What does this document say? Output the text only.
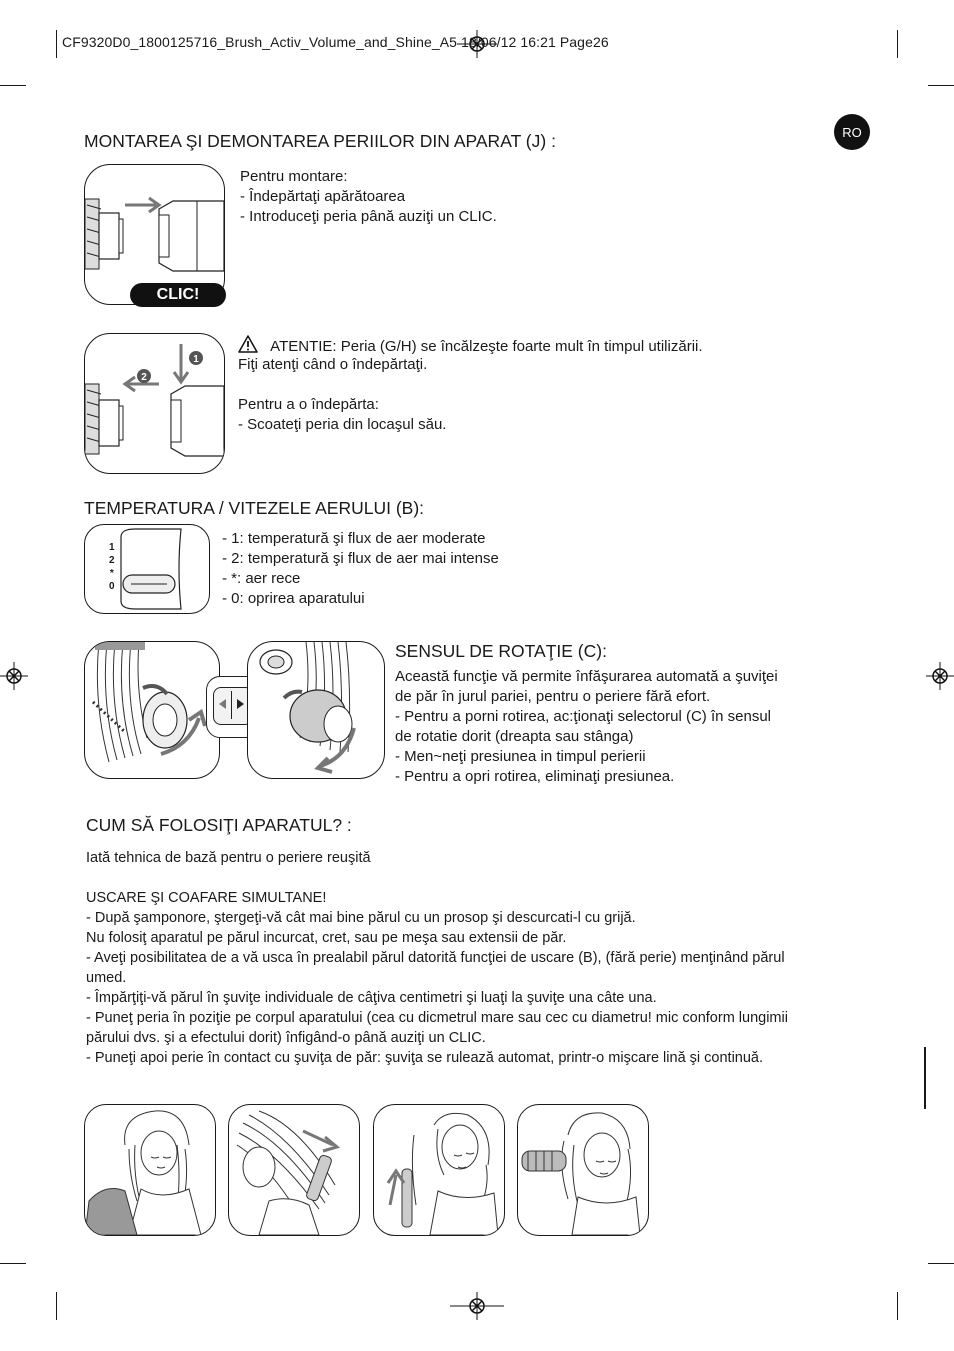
CF9320D0_1800125716_Brush_Activ_Volume_and_Shine_A5 18/06/12 16:21 Page26
RO
MONTAREA ŞI DEMONTAREA PERIILOR DIN APARAT (J) :
CLIC!
Pentru montare:
- Îndepărtaţi apărătoarea
- Introduceţi peria până auziţi un CLIC.
1
2
ATENTIE: Peria (G/H) se încălzeşte foarte mult în timpul utilizării.
Fiţi atenţi când o îndepărtaţi.
Pentru a o îndepărta:
- Scoateţi peria din locaşul său.
TEMPERATURA / VITEZELE AERULUI (B):
1
2
*
0
- 1: temperatură şi flux de aer moderate
- 2: temperatură şi flux de aer mai intense
- *: aer rece
- 0: oprirea aparatului
SENSUL DE ROTAŢIE (C):
Această funcţie vă permite înfăşurarea automată a şuviţei
de păr în jurul pariei, pentru o periere fără efort.
- Pentru a porni rotirea, ac:ţionaţi selectorul (C) în sensul
de rotatie dorit (dreapta sau stânga)
- Men~neţi presiunea in timpul perierii
- Pentru a opri rotirea, eliminaţi presiunea.
CUM SĂ FOLOSIŢI APARATUL? :
Iată tehnica de bază pentru o periere reuşită
USCARE ŞI COAFARE SIMULTANE!
- După şamponore, ştergeţi-vă cât mai bine părul cu un prosop şi descurcati-l cu grijă.
Nu folosiţ aparatul pe părul incurcat, cret, sau pe meşa sau extensii de păr.
- Aveţi posibilitatea de a vă usca în prealabil părul datorită funcţiei de uscare (B), (fără perie) menţinând părul
umed.
- Împărţiţi-vă părul în şuviţe individuale de câţiva centimetri şi luaţi la şuviţe una câte una.
- Puneţ peria în poziţie pe corpul aparatului (cea cu dicmetrul mare sau cec cu diametru! mic conform lungimii
părului dvs. şi a efectului dorit) înfigând-o până auziţi un CLIC.
- Puneţi apoi perie în contact cu şuviţa de păr: şuviţa se rulează automat, printr-o mişcare lină şi continuă.
